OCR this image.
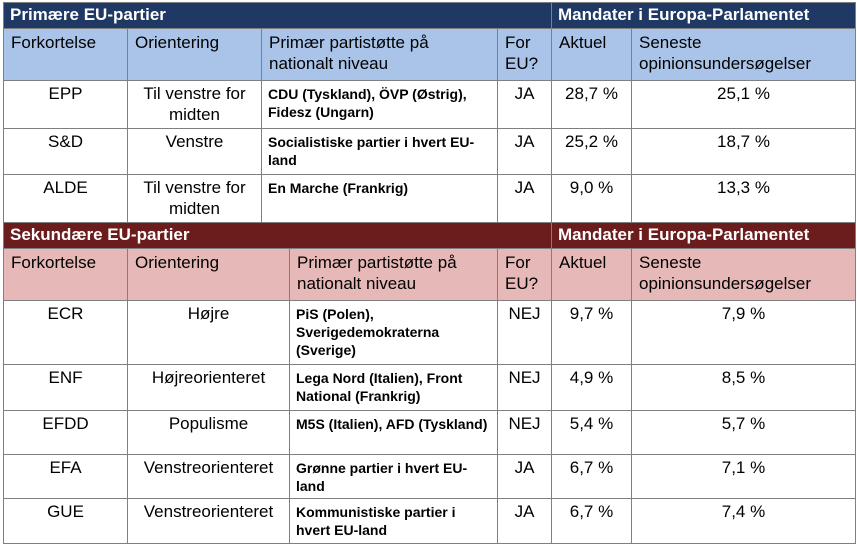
Primære EU-partier				Mandater i Europa-Parlamentet	
Forkortelse	Orientering	Primær partistøtte på nationalt niveau	For EU?	Aktuel	Seneste opinionsundersøgelser
EPP	Til venstre for midten	CDU (Tyskland), ÖVP (Østrig), Fidesz (Ungarn)	JA	28,7 %	25,1 %
S&D	Venstre	Socialistiske partier i hvert EU-land	JA	25,2 %	18,7 %
ALDE	Til venstre for midten	En Marche (Frankrig)	JA	9,0 %	13,3 %
Sekundære EU-partier				Mandater i Europa-Parlamentet	
Forkortelse	Orientering	Primær partistøtte på nationalt niveau	For EU?	Aktuel	Seneste opinionsundersøgelser
ECR	Højre	PiS (Polen), Sverigedemokraterna (Sverige)	NEJ	9,7 %	7,9 %
ENF	Højreorienteret	Lega Nord (Italien), Front National (Frankrig)	NEJ	4,9 %	8,5 %
EFDD	Populisme	M5S (Italien), AFD (Tyskland)	NEJ	5,4 %	5,7 %
EFA	Venstreorienteret	Grønne partier i hvert EU-land	JA	6,7 %	7,1 %
GUE	Venstreorienteret	Kommunistiske partier i hvert EU-land	JA	6,7 %	7,4 %
